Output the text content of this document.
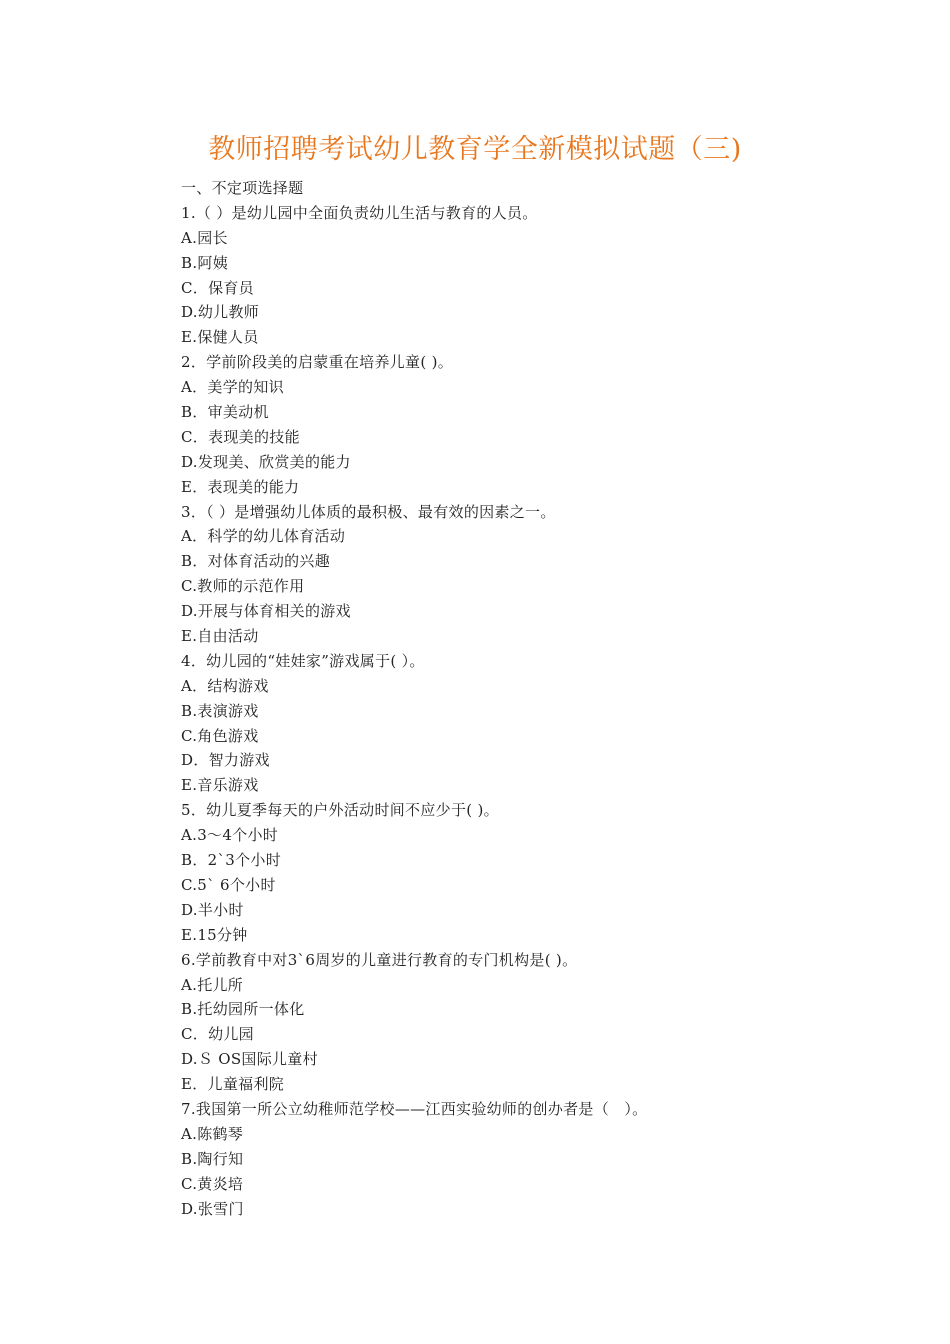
教师招聘考试幼儿教育学全新模拟试题（三)
一、不定项选择题
1.（ ）是幼儿园中全面负责幼儿生活与教育的人员。
A.园长
B.阿姨
C．保育员
D.幼儿教师
E.保健人员
2．学前阶段美的启蒙重在培养儿童( )。
A．美学的知识
B．审美动机
C．表现美的技能
D.发现美、欣赏美的能力
E．表现美的能力
3．（ ）是增强幼儿体质的最积极、最有效的因素之一。
A．科学的幼儿体育活动
B．对体育活动的兴趣
C.教师的示范作用
D.开展与体育相关的游戏
E.自由活动
4．幼儿园的“娃娃家”游戏属于( ）。
A．结构游戏
B.表演游戏
C.角色游戏
D．智力游戏
E.音乐游戏
5．幼儿夏季每天的户外活动时间不应少于( )。
A.3～4个小时
B．2`3个小时
C.5` 6个小时
D.半小时
E.15分钟
6.学前教育中对3`6周岁的儿童进行教育的专门机构是( )。
A.托儿所
B.托幼园所一体化
C．幼儿园
D.Ｓ OS国际儿童村
E．儿童福利院
7.我国第一所公立幼稚师范学校——江西实验幼师的创办者是（　）。
A.陈鹤琴
B.陶行知
C.黄炎培
D.张雪门
